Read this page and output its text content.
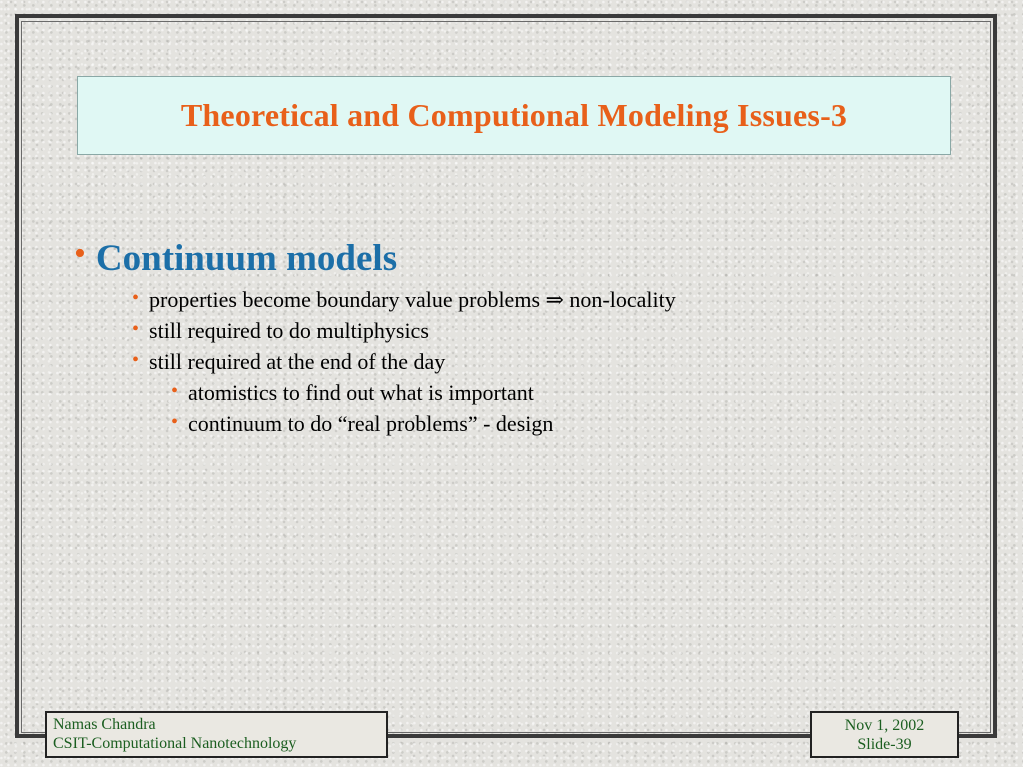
Theoretical and Computional Modeling Issues-3
• Continuum models
• properties become boundary value problems ⇒ non-locality
• still required to do multiphysics
• still required at the end of the day
• atomistics to find out what is important
• continuum to do “real problems” - design
Namas Chandra
CSIT-Computational Nanotechnology
Nov 1, 2002
Slide-39
